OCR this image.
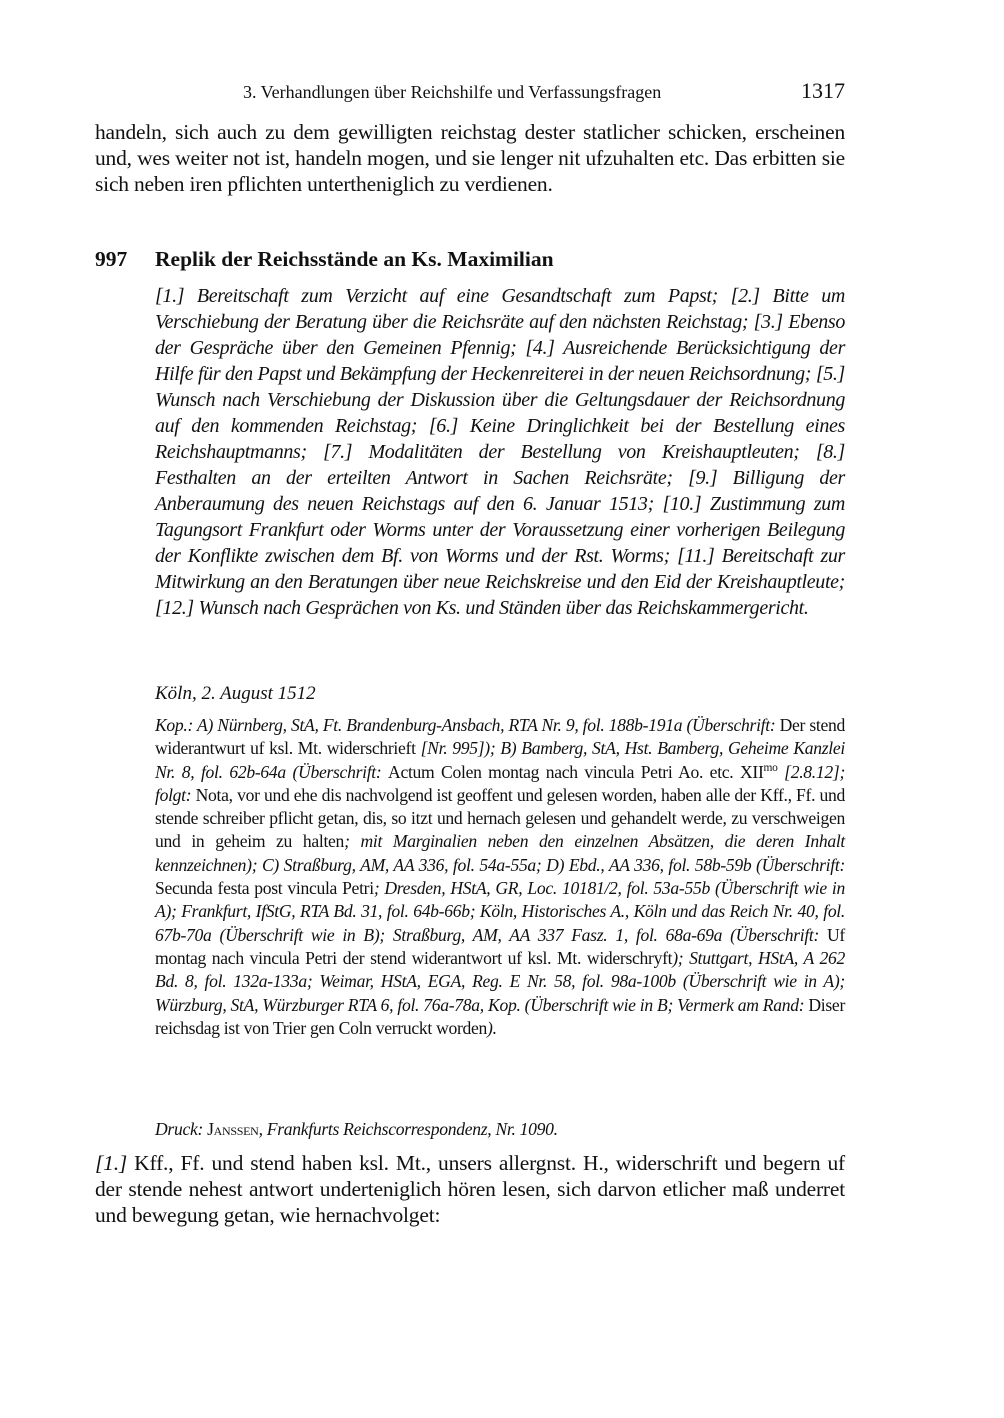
3. Verhandlungen über Reichshilfe und Verfassungsfragen	1317
handeln, sich auch zu dem gewilligten reichstag dester statlicher schicken, erscheinen und, wes weiter not ist, handeln mogen, und sie lenger nit ufzuhalten etc. Das erbitten sie sich neben iren pflichten untertheniglich zu verdienen.
997 Replik der Reichsstände an Ks. Maximilian
[1.] Bereitschaft zum Verzicht auf eine Gesandtschaft zum Papst; [2.] Bitte um Verschiebung der Beratung über die Reichsräte auf den nächsten Reichstag; [3.] Ebenso der Gespräche über den Gemeinen Pfennig; [4.] Ausreichende Berücksichtigung der Hilfe für den Papst und Bekämpfung der Heckenreiterei in der neuen Reichsordnung; [5.] Wunsch nach Verschiebung der Diskussion über die Geltungsdauer der Reichsordnung auf den kommenden Reichstag; [6.] Keine Dringlichkeit bei der Bestellung eines Reichshauptmanns; [7.] Modalitäten der Bestellung von Kreishauptleuten; [8.] Festhalten an der erteilten Antwort in Sachen Reichsräte; [9.] Billigung der Anberaumung des neuen Reichstags auf den 6. Januar 1513; [10.] Zustimmung zum Tagungsort Frankfurt oder Worms unter der Voraussetzung einer vorherigen Beilegung der Konflikte zwischen dem Bf. von Worms und der Rst. Worms; [11.] Bereitschaft zur Mitwirkung an den Beratungen über neue Reichskreise und den Eid der Kreishauptleute; [12.] Wunsch nach Gesprächen von Ks. und Ständen über das Reichskammergericht.
Köln, 2. August 1512
Kop.: A) Nürnberg, StA, Ft. Brandenburg-Ansbach, RTA Nr. 9, fol. 188b-191a (Überschrift: Der stend widerantwurt uf ksl. Mt. widerschrieft [Nr. 995]); B) Bamberg, StA, Hst. Bamberg, Geheime Kanzlei Nr. 8, fol. 62b-64a (Überschrift: Actum Colen montag nach vincula Petri Ao. etc. $XII^{mo}$ [2.8.12]; folgt: Nota, vor und ehe dis nachvolgend ist geoffent und gelesen worden, haben alle der Kff., Ff. und stende schreiber pflicht getan, dis, so itzt und hernach gelesen und gehandelt werde, zu verschweigen und in geheim zu halten; mit Marginalien neben den einzelnen Absätzen, die deren Inhalt kennzeichnen); C) Straßburg, AM, AA 336, fol. 54a-55a; D) Ebd., AA 336, fol. 58b-59b (Überschrift: Secunda festa post vincula Petri; Dresden, HStA, GR, Loc. 10181/2, fol. 53a-55b (Überschrift wie in A); Frankfurt, IfStG, RTA Bd. 31, fol. 64b-66b; Köln, Historisches A., Köln und das Reich Nr. 40, fol. 67b-70a (Überschrift wie in B); Straßburg, AM, AA 337 Fasz. 1, fol. 68a-69a (Überschrift: Uf montag nach vincula Petri der stend widerantwort uf ksl. Mt. widerschryft); Stuttgart, HStA, A 262 Bd. 8, fol. 132a-133a; Weimar, HStA, EGA, Reg. E Nr. 58, fol. 98a-100b (Überschrift wie in A); Würzburg, StA, Würzburger RTA 6, fol. 76a-78a, Kop. (Überschrift wie in B; Vermerk am Rand: Diser reichsdag ist von Trier gen Coln verruckt worden).
Druck: Janssen, Frankfurts Reichscorrespondenz, Nr. 1090.
[1.] Kff., Ff. und stend haben ksl. Mt., unsers allergnst. H., widerschrift und begern uf der stende nehest antwort underteniglich hören lesen, sich darvon etlicher maß underret und bewegung getan, wie hernachvolget:
